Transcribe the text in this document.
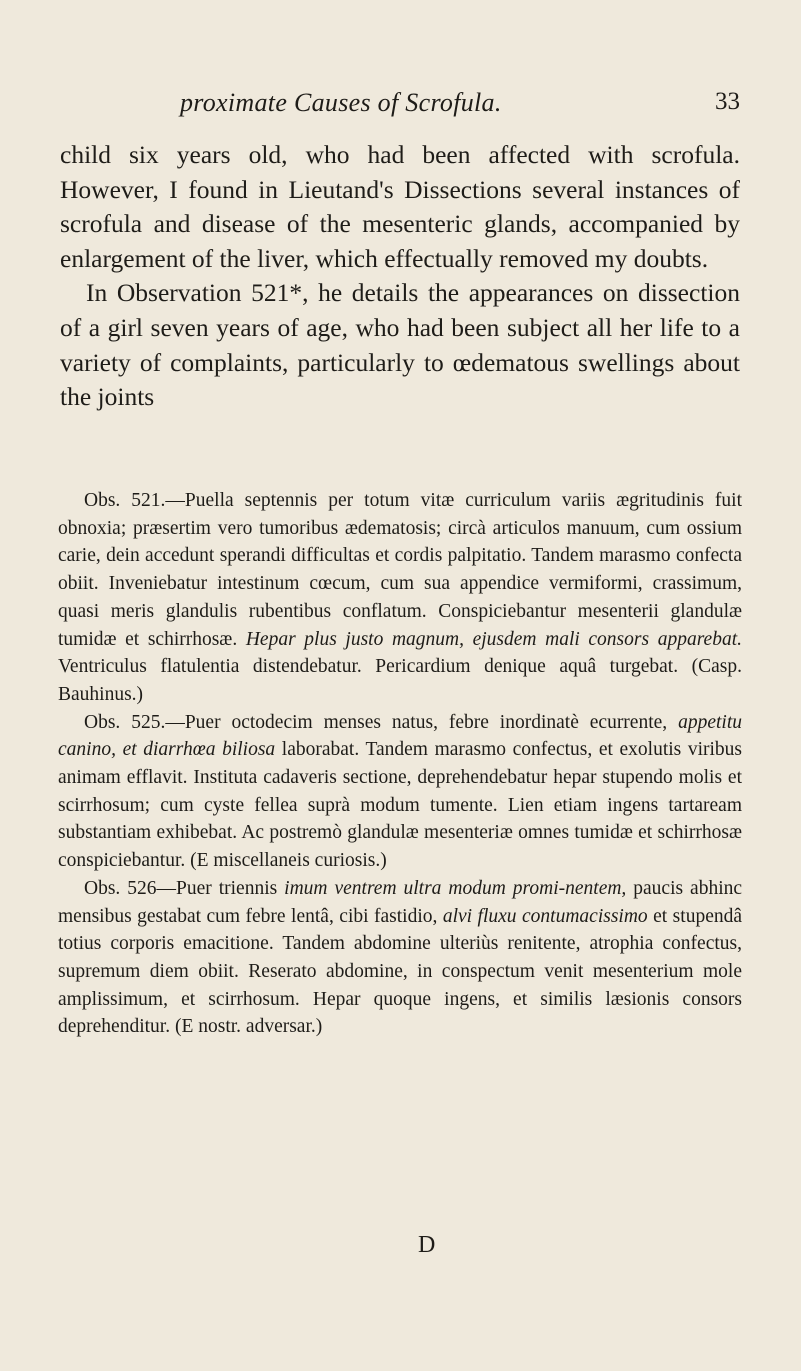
proximate Causes of Scrofula.	33

child six years old, who had been affected with scrofula. However, I found in Lieutand's Dissections several instances of scrofula and disease of the mesenteric glands, accompanied by enlargement of the liver, which effectually removed my doubts.

In Observation 521*, he details the appearances on dissection of a girl seven years of age, who had been subject all her life to a variety of complaints, particularly to œdematous swellings about the joints

Obs. 521.—Puella septennis per totum vitæ curriculum variis ægritudinis fuit obnoxia; præsertim vero tumoribus ædematosis; circà articulos manuum, cum ossium carie, dein accedunt sperandi difficultas et cordis palpitatio. Tandem marasmo confecta obiit. Inveniebatur intestinum cœcum, cum sua appendice vermiformi, crassimum, quasi meris glandulis rubentibus conflatum. Conspiciebantur mesenterii glandulæ tumidæ et schirrhosæ. Hepar plus justo magnum, ejusdem mali consors apparebat. Ventriculus flatulentia distendebatur. Pericardium denique aquâ turgebat. (Casp. Bauhinus.)

Obs. 525.—Puer octodecim menses natus, febre inordinatè ecurrente, appetitu canino, et diarrhœa biliosa laborabat. Tandem marasmo confectus, et exolutis viribus animam efflavit. Instituta cadaveris sectione, deprehendebatur hepar stupendo molis et scirrhosum; cum cyste fellea suprà modum tumente. Lien etiam ingens tartaream substantiam exhibebat. Ac postremò glandulæ mesenteriæ omnes tumidæ et schirrhosæ conspiciebantur. (E miscellaneis curiosis.)

Obs. 526—Puer triennis imum ventrem ultra modum promi-nentem, paucis abhinc mensibus gestabat cum febre lentâ, cibi fastidio, alvi fluxu contumacissimo et stupendâ totius corporis emacitione. Tandem abdomine ulteriùs renitente, atrophia confectus, supremum diem obiit. Reserato abdomine, in conspectum venit mesenterium mole amplissimum, et scirrhosum. Hepar quoque ingens, et similis læsionis consors deprehenditur. (E nostr. adversar.)

D
